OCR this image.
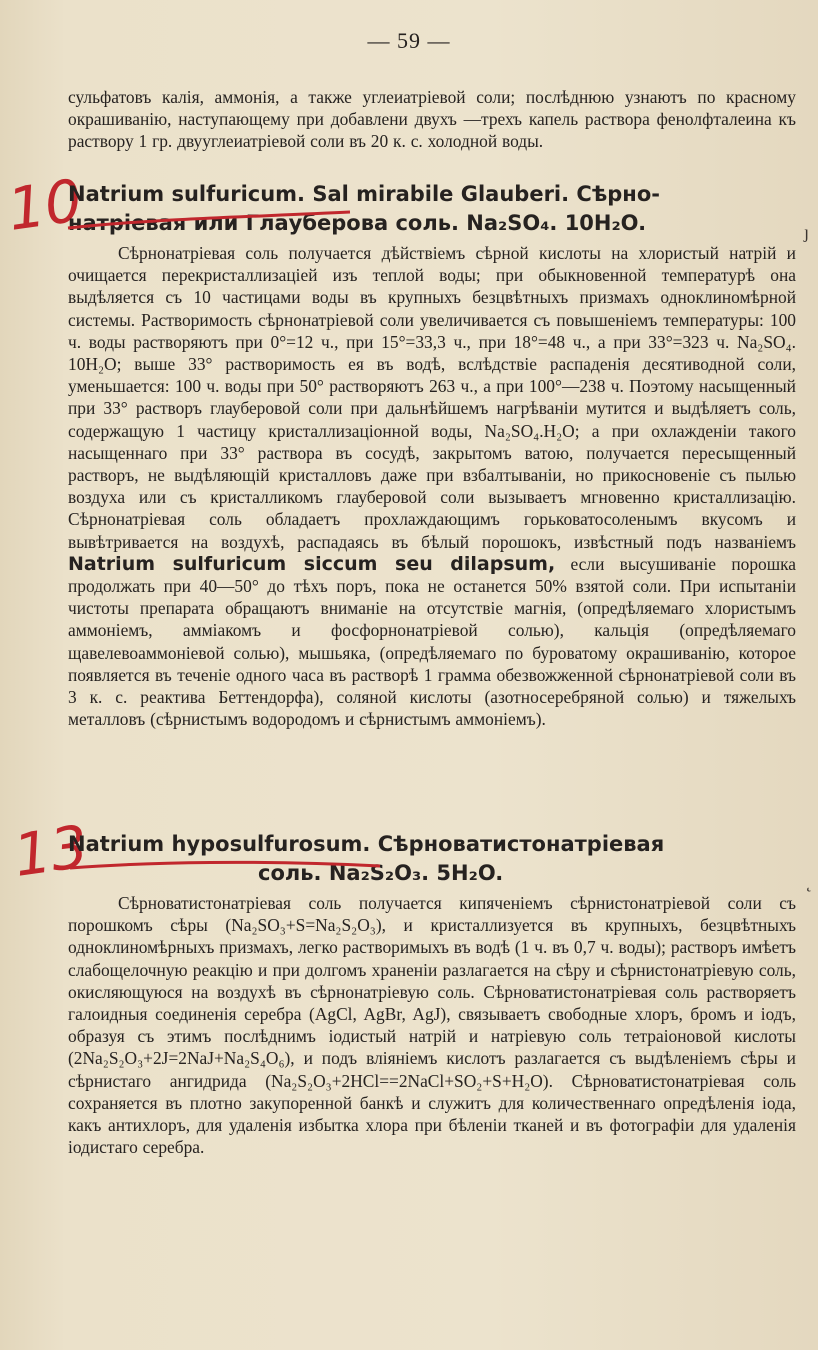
— 59 —

сульфатовъ калія, аммонія, а также углеиатріевой соли; послѣднюю узнаютъ по красному окрашиванію, наступающему при добавлени двухъ —трехъ капель раствора фенолфталеина къ раствору 1 гр. двууглеиатріевой соли въ 20 к. с. холодной воды.

10
Natrium sulfuricum. Sal mirabile Glauberi. Сѣрно-
натріевая или Глауберова соль. Na₂SO₄. 10H₂O.

Сѣрнонатріевая соль получается дѣйствіемъ сѣрной кислоты на хлористый натрій и очищается перекристаллизаціей изъ теплой воды; при обыкновенной температурѣ она выдѣляется съ 10 частицами воды въ крупныхъ безцвѣтныхъ призмахъ одноклиномѣрной системы. Растворимость сѣрнонатріевой соли увеличивается съ повышеніемъ температуры: 100 ч. воды растворяютъ при 0°=12 ч., при 15°=33,3 ч., при 18°=48 ч., а при 33°=323 ч. Na₂SO₄. 10H₂O; выше 33° растворимость ея въ водѣ, вслѣдствіе распаденія десятиводной соли, уменьшается: 100 ч. воды при 50° растворяютъ 263 ч., а при 100°—238 ч. Поэтому насыщенный при 33° растворъ глауберовой соли при дальнѣйшемъ нагрѣваніи мутится и выдѣляетъ соль, содержащую 1 частицу кристаллизаціонной воды, Na₂SO₄.H₂O; а при охлажденіи такого насыщеннаго при 33° раствора въ сосудѣ, закрытомъ ватою, получается пересыщенный растворъ, не выдѣляющій кристалловъ даже при взбалтываніи, но прикосновеніе съ пылью воздуха или съ кристалликомъ глауберовой соли вызываетъ мгновенно кристаллизацію. Сѣрнонатріевая соль обладаетъ прохлаждающимъ горьковатосоленымъ вкусомъ и вывѣтривается на воздухѣ, распадаясь въ бѣлый порошокъ, извѣстный подъ названіемъ Natrium sulfuricum siccum seu dilapsum, если высушиваніе порошка продолжать при 40—50° до тѣхъ поръ, пока не останется 50% взятой соли. При испытаніи чистоты препарата обращаютъ вниманіе на отсутствіе магнія, (опредѣляемаго хлористымъ аммоніемъ, амміакомъ и фосфорнонатріевой солью), кальція (опредѣляемаго щавелевоаммоніевой солью), мышьяка, (опредѣляемаго по буроватому окрашиванію, которое появляется въ теченіе одного часа въ растворѣ 1 грамма обезвожженной сѣрнонатріевой соли въ 3 к. с. реактива Беттендорфа), соляной кислоты (азотносеребряной солью) и тяжелыхъ металловъ (сѣрнистымъ водородомъ и сѣрнистымъ аммоніемъ).

13
Natrium hyposulfurosum. Сѣрноватистонатріевая
соль. Na₂S₂O₃. 5H₂O.

Сѣрноватистонатріевая соль получается кипяченіемъ сѣрнистонатріевой соли съ порошкомъ сѣры (Na₂SO₃+S=Na₂S₂O₃), и кристаллизуется въ крупныхъ, безцвѣтныхъ одноклиномѣрныхъ призмахъ, легко растворимыхъ въ водѣ (1 ч. въ 0,7 ч. воды); растворъ имѣетъ слабощелочную реакцію и при долгомъ храненіи разлагается на сѣру и сѣрнистонатріевую соль, окисляющуюся на воздухѣ въ сѣрнонатріевую соль. Сѣрноватистонатріевая соль растворяетъ галоидныя соединенія серебра (AgCl, AgBr, AgJ), связываетъ свободные хлоръ, бромъ и іодъ, образуя съ этимъ послѣднимъ іодистый натрій и натріевую соль тетраіоновой кислоты (2Na₂S₂O₃+2J=2NaJ+Na₂S₄O₆), и подъ вліяніемъ кислотъ разлагается съ выдѣленіемъ сѣры и сѣрнистаго ангидрида (Na₂S₂O₃+2HCl==2NaCl+SO₂+S+H₂O). Сѣрноватистонатріевая соль сохраняется въ плотно закупоренной банкѣ и служитъ для количественнаго опредѣленія іода, какъ антихлоръ, для удаленія избытка хлора при бѣленіи тканей и въ фотографіи для удаленія іодистаго серебра.

ȷ
˛
